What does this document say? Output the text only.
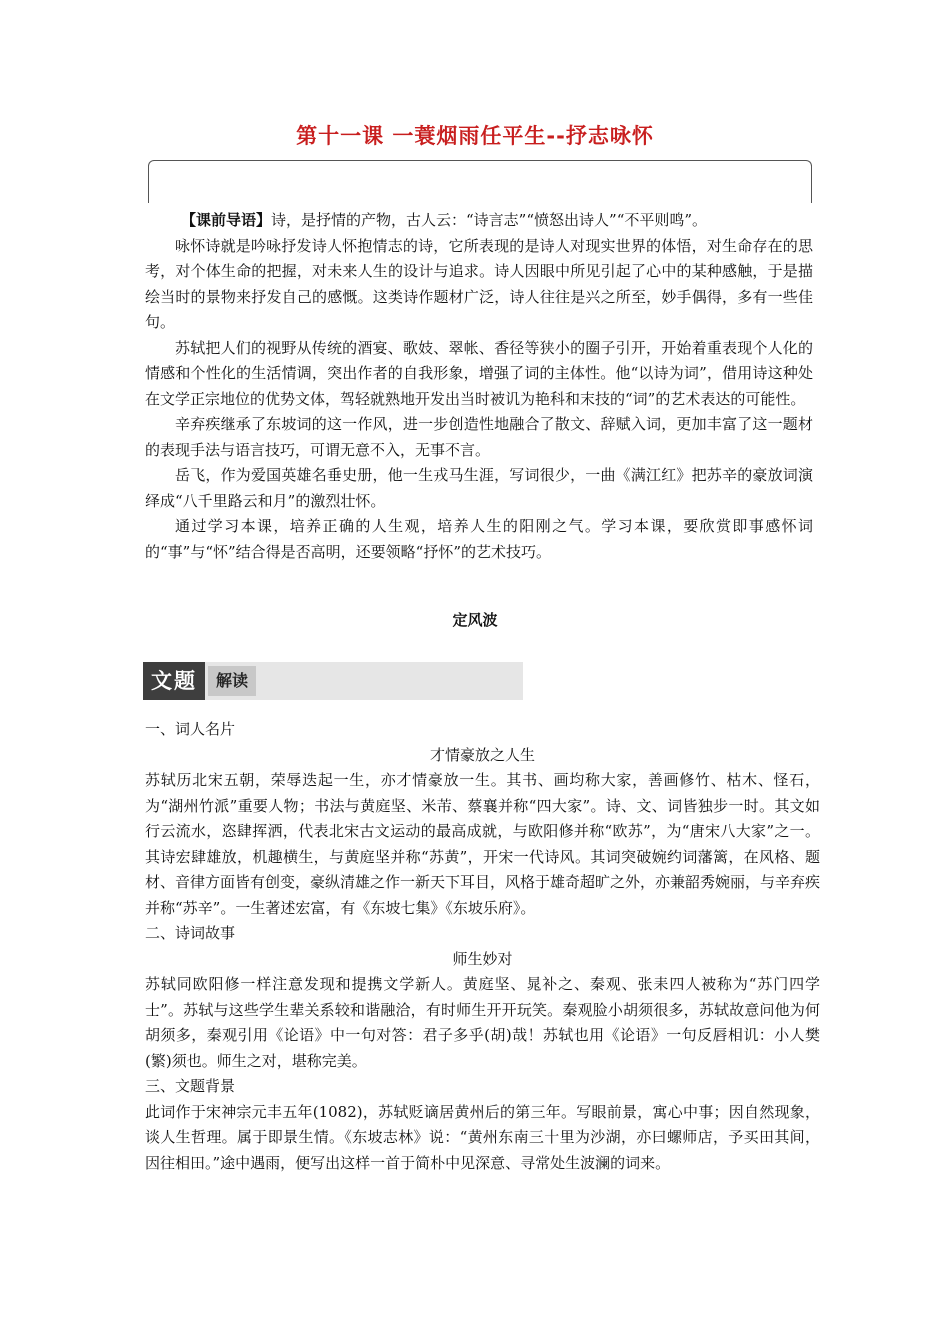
第十一课 一蓑烟雨任平生--抒志咏怀

【课前导语】诗，是抒情的产物，古人云：“诗言志”“愤怒出诗人”“不平则鸣”。

咏怀诗就是吟咏抒发诗人怀抱情志的诗，它所表现的是诗人对现实世界的体悟，对生命存在的思考，对个体生命的把握，对未来人生的设计与追求。诗人因眼中所见引起了心中的某种感触，于是描绘当时的景物来抒发自己的感慨。这类诗作题材广泛，诗人往往是兴之所至，妙手偶得，多有一些佳句。

苏轼把人们的视野从传统的酒宴、歌妓、翠帐、香径等狭小的圈子引开，开始着重表现个人化的情感和个性化的生活情调，突出作者的自我形象，增强了词的主体性。他“以诗为词”，借用诗这种处在文学正宗地位的优势文体，驾轻就熟地开发出当时被讥为艳科和末技的“词”的艺术表达的可能性。

辛弃疾继承了东坡词的这一作风，进一步创造性地融合了散文、辞赋入词，更加丰富了这一题材的表现手法与语言技巧，可谓无意不入，无事不言。

岳飞，作为爱国英雄名垂史册，他一生戎马生涯，写词很少，一曲《满江红》把苏辛的豪放词演绎成“八千里路云和月”的激烈壮怀。

通过学习本课，培养正确的人生观，培养人生的阳刚之气。学习本课，要欣赏即事感怀词的“事”与“怀”结合得是否高明，还要领略“抒怀”的艺术技巧。

定风波
文题	解读

一、词人名片

才情豪放之人生

苏轼历北宋五朝，荣辱迭起一生，亦才情豪放一生。其书、画均称大家，善画修竹、枯木、怪石，为“湖州竹派”重要人物；书法与黄庭坚、米芾、蔡襄并称“四大家”。诗、文、词皆独步一时。其文如行云流水，恣肆挥洒，代表北宋古文运动的最高成就，与欧阳修并称“欧苏”，为“唐宋八大家”之一。其诗宏肆雄放，机趣横生，与黄庭坚并称“苏黄”，开宋一代诗风。其词突破婉约词藩篱，在风格、题材、音律方面皆有创变，豪纵清雄之作一新天下耳目，风格于雄奇超旷之外，亦兼韶秀婉丽，与辛弃疾并称“苏辛”。一生著述宏富，有《东坡七集》《东坡乐府》。

二、诗词故事

师生妙对

苏轼同欧阳修一样注意发现和提携文学新人。黄庭坚、晁补之、秦观、张耒四人被称为“苏门四学士”。苏轼与这些学生辈关系较和谐融洽，有时师生开开玩笑。秦观脸小胡须很多，苏轼故意问他为何胡须多，秦观引用《论语》中一句对答：君子多乎(胡)哉！苏轼也用《论语》一句反唇相讥：小人樊(繁)须也。师生之对，堪称完美。

三、文题背景

此词作于宋神宗元丰五年(1082)，苏轼贬谪居黄州后的第三年。写眼前景，寓心中事；因自然现象，谈人生哲理。属于即景生情。《东坡志林》说：“黄州东南三十里为沙湖，亦曰螺师店，予买田其间，因往相田。”途中遇雨，便写出这样一首于简朴中见深意、寻常处生波澜的词来。
